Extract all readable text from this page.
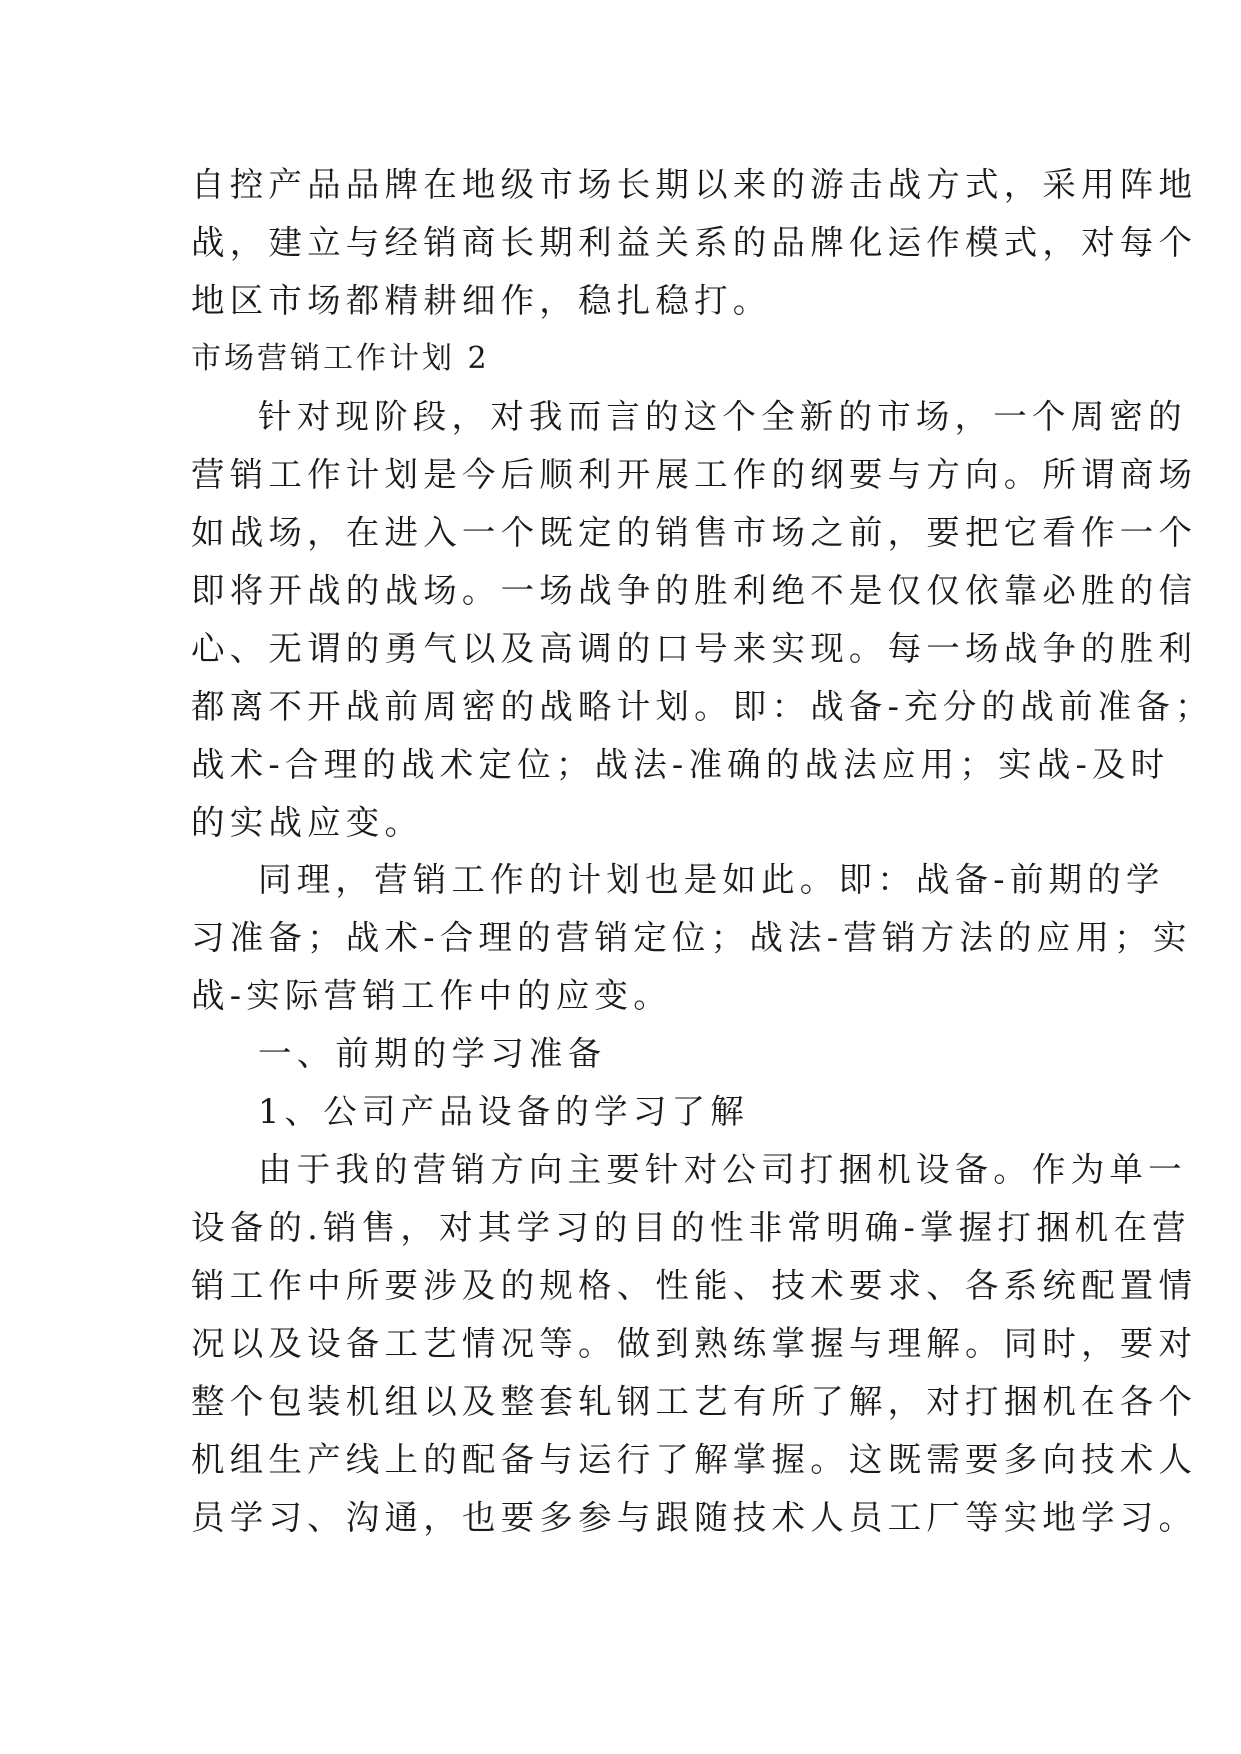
自控产品品牌在地级市场长期以来的游击战方式，采用阵地
战，建立与经销商长期利益关系的品牌化运作模式，对每个
地区市场都精耕细作，稳扎稳打。
市场营销工作计划 2
针对现阶段，对我而言的这个全新的市场，一个周密的
营销工作计划是今后顺利开展工作的纲要与方向。所谓商场
如战场，在进入一个既定的销售市场之前，要把它看作一个
即将开战的战场。一场战争的胜利绝不是仅仅依靠必胜的信
心、无谓的勇气以及高调的口号来实现。每一场战争的胜利
都离不开战前周密的战略计划。即：战备-充分的战前准备；
战术-合理的战术定位；战法-准确的战法应用；实战-及时
的实战应变。
同理，营销工作的计划也是如此。即：战备-前期的学
习准备；战术-合理的营销定位；战法-营销方法的应用；实
战-实际营销工作中的应变。
一、前期的学习准备
1、公司产品设备的学习了解
由于我的营销方向主要针对公司打捆机设备。作为单一
设备的.销售，对其学习的目的性非常明确-掌握打捆机在营
销工作中所要涉及的规格、性能、技术要求、各系统配置情
况以及设备工艺情况等。做到熟练掌握与理解。同时，要对
整个包装机组以及整套轧钢工艺有所了解，对打捆机在各个
机组生产线上的配备与运行了解掌握。这既需要多向技术人
员学习、沟通，也要多参与跟随技术人员工厂等实地学习。
